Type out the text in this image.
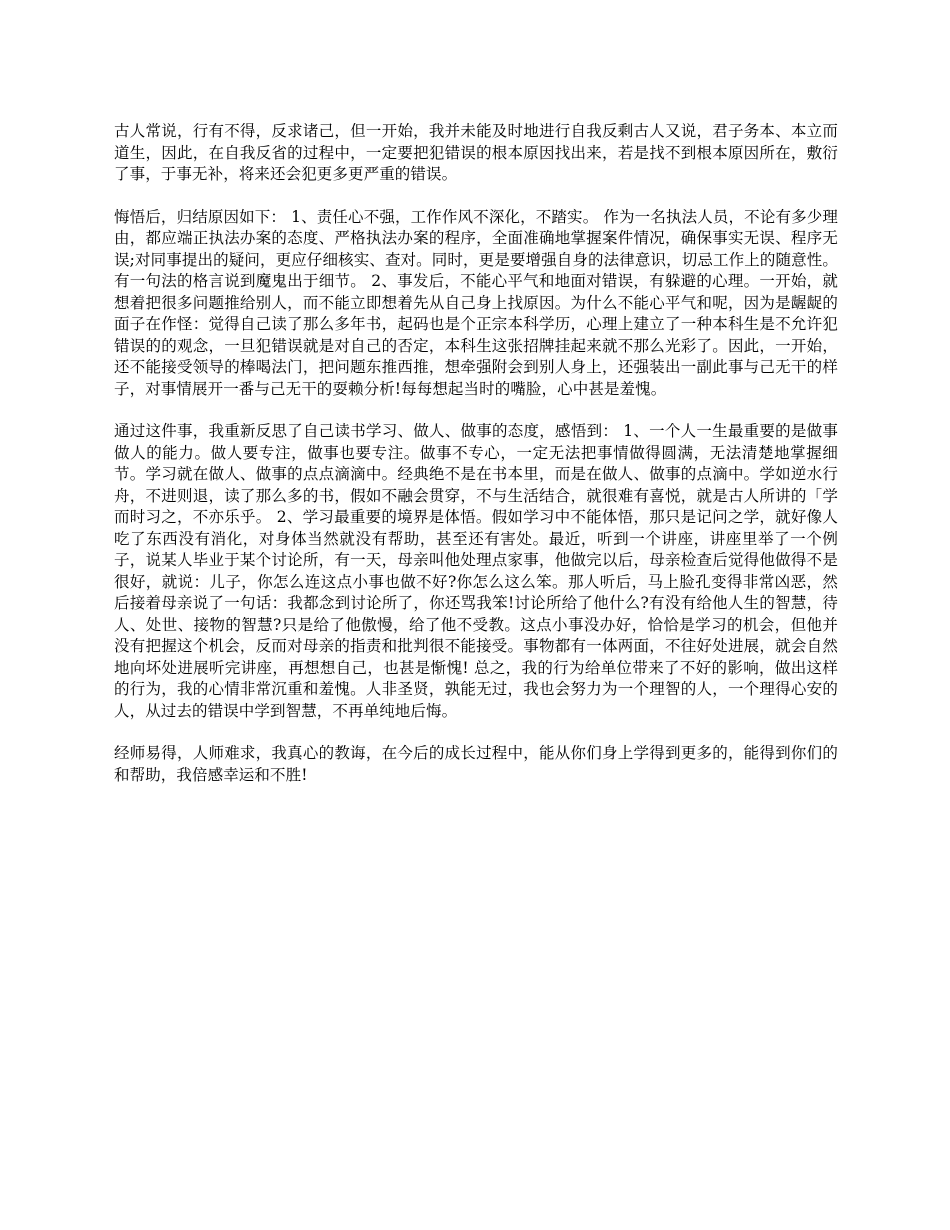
古人常说，行有不得，反求诸己，但一开始，我并未能及时地进行自我反剩古人又说，君子务本、本立而道生，因此，在自我反省的过程中，一定要把犯错误的根本原因找出来，若是找不到根本原因所在，敷衍了事，于事无补，将来还会犯更多更严重的错误。

悔悟后，归结原因如下： 1、责任心不强，工作作风不深化，不踏实。 作为一名执法人员，不论有多少理由，都应端正执法办案的态度、严格执法办案的程序，全面准确地掌握案件情况，确保事实无误、程序无误;对同事提出的疑问，更应仔细核实、查对。同时，更是要增强自身的法律意识，切忌工作上的随意性。有一句法的格言说到魔鬼出于细节。 2、事发后，不能心平气和地面对错误，有躲避的心理。一开始，就想着把很多问题推给别人，而不能立即想着先从自己身上找原因。为什么不能心平气和呢，因为是龌龊的面子在作怪：觉得自己读了那么多年书，起码也是个正宗本科学历，心理上建立了一种本科生是不允许犯错误的的观念，一旦犯错误就是对自己的否定，本科生这张招牌挂起来就不那么光彩了。因此，一开始，还不能接受领导的棒喝法门，把问题东推西推，想牵强附会到别人身上，还强装出一副此事与己无干的样子，对事情展开一番与己无干的耍赖分析!每每想起当时的嘴脸，心中甚是羞愧。

通过这件事，我重新反思了自己读书学习、做人、做事的态度，感悟到： 1、一个人一生最重要的是做事做人的能力。做人要专注，做事也要专注。做事不专心，一定无法把事情做得圆满，无法清楚地掌握细节。学习就在做人、做事的点点滴滴中。经典绝不是在书本里，而是在做人、做事的点滴中。学如逆水行舟，不进则退，读了那么多的书，假如不融会贯穿，不与生活结合，就很难有喜悦，就是古人所讲的「学而时习之，不亦乐乎。 2、学习最重要的境界是体悟。假如学习中不能体悟，那只是记问之学，就好像人吃了东西没有消化，对身体当然就没有帮助，甚至还有害处。最近，听到一个讲座，讲座里举了一个例子，说某人毕业于某个讨论所，有一天，母亲叫他处理点家事，他做完以后，母亲检查后觉得他做得不是很好，就说：儿子，你怎么连这点小事也做不好?你怎么这么笨。那人听后，马上脸孔变得非常凶恶，然后接着母亲说了一句话：我都念到讨论所了，你还骂我笨!讨论所给了他什么?有没有给他人生的智慧，待人、处世、接物的智慧?只是给了他傲慢，给了他不受教。这点小事没办好，恰恰是学习的机会，但他并没有把握这个机会，反而对母亲的指责和批判很不能接受。事物都有一体两面，不往好处进展，就会自然地向坏处进展听完讲座，再想想自己，也甚是惭愧! 总之，我的行为给单位带来了不好的影响，做出这样的行为，我的心情非常沉重和羞愧。人非圣贤，孰能无过，我也会努力为一个理智的人，一个理得心安的人，从过去的错误中学到智慧，不再单纯地后悔。

经师易得，人师难求，我真心的教诲，在今后的成长过程中，能从你们身上学得到更多的，能得到你们的和帮助，我倍感幸运和不胜!
